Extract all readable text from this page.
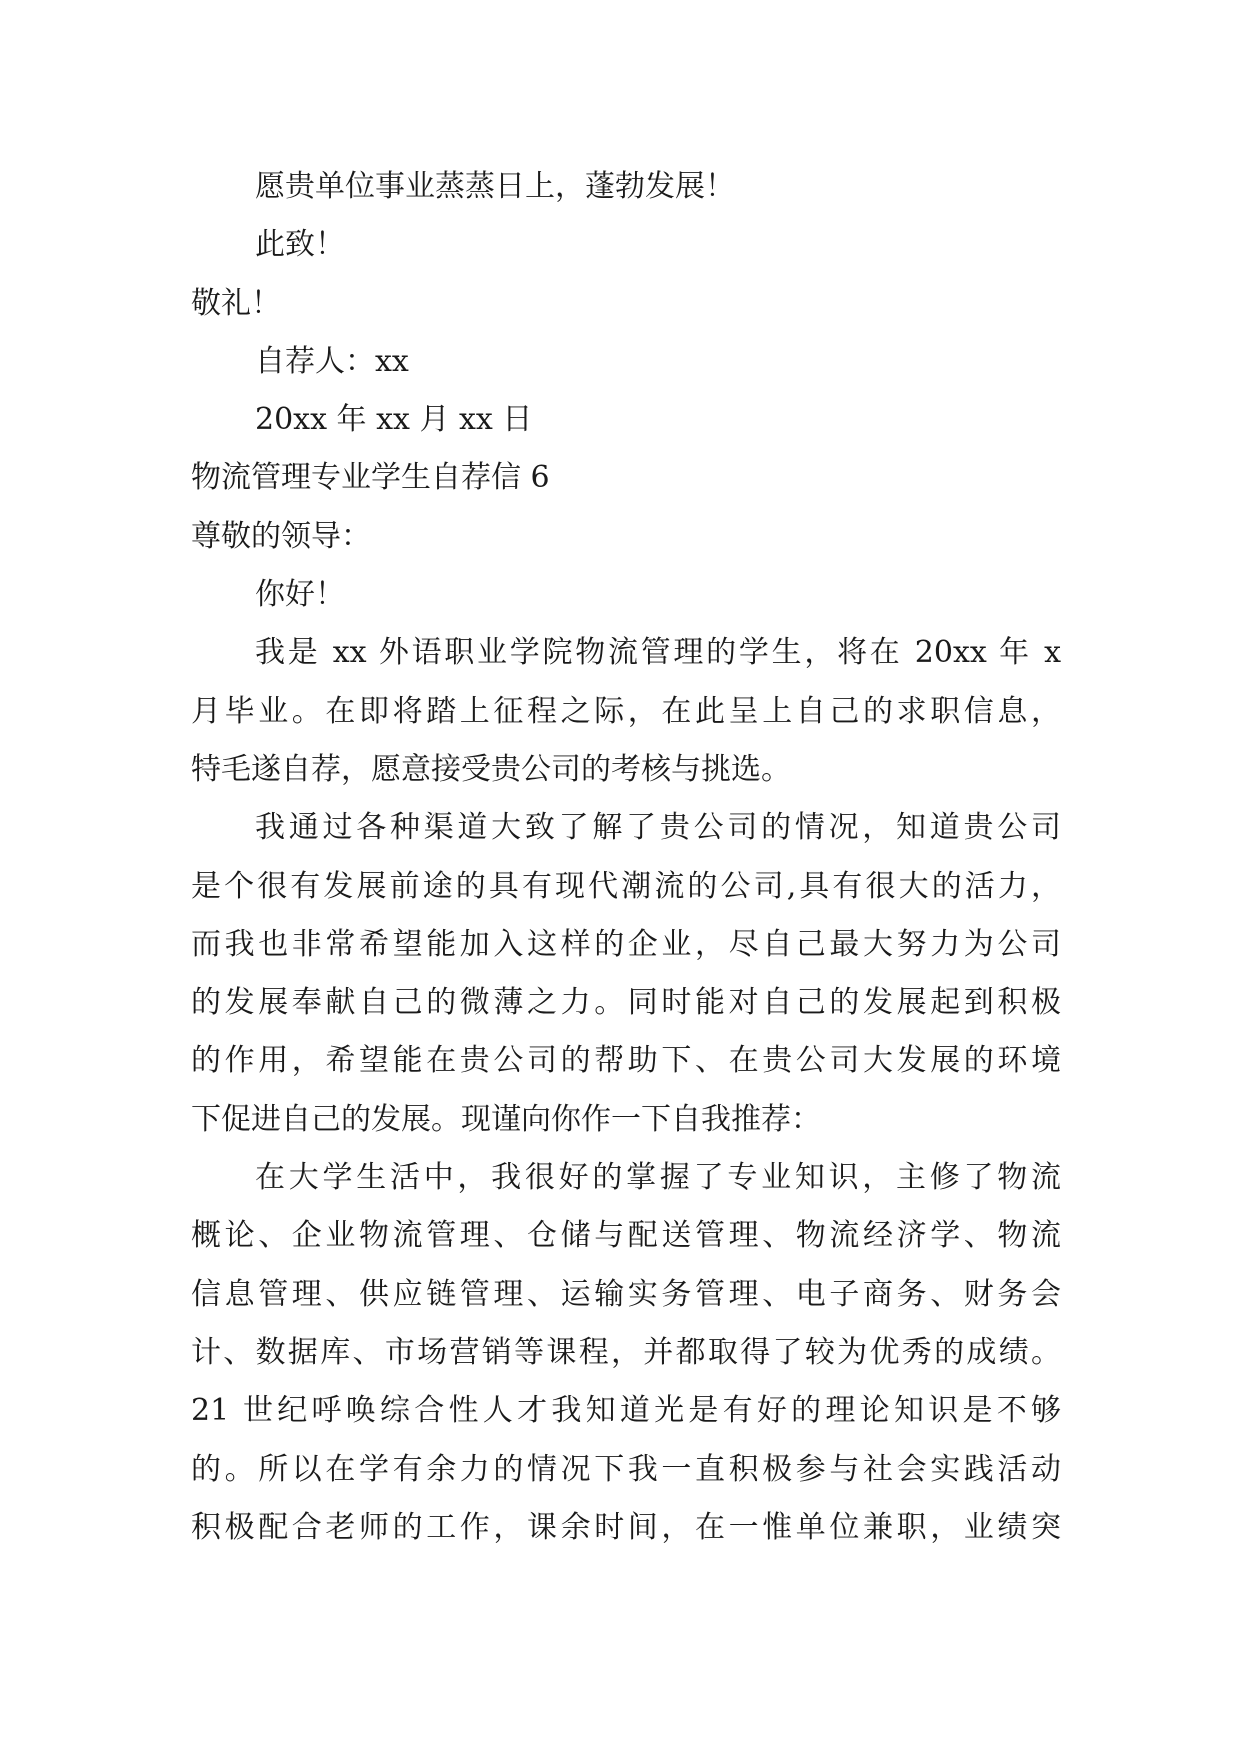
愿贵单位事业蒸蒸日上，蓬勃发展！
此致！
敬礼！
自荐人：xx
20xx 年 xx 月 xx 日
物流管理专业学生自荐信 6
尊敬的领导：
你好！
我是 xx 外语职业学院物流管理的学生，将在 20xx 年 x
月毕业。在即将踏上征程之际，在此呈上自己的求职信息，
特毛遂自荐，愿意接受贵公司的考核与挑选。
我通过各种渠道大致了解了贵公司的情况，知道贵公司
是个很有发展前途的具有现代潮流的公司,具有很大的活力，
而我也非常希望能加入这样的企业，尽自己最大努力为公司
的发展奉献自己的微薄之力。同时能对自己的发展起到积极
的作用，希望能在贵公司的帮助下、在贵公司大发展的环境
下促进自己的发展。现谨向你作一下自我推荐：
在大学生活中，我很好的掌握了专业知识，主修了物流
概论、企业物流管理、仓储与配送管理、物流经济学、物流
信息管理、供应链管理、运输实务管理、电子商务、财务会
计、数据库、市场营销等课程，并都取得了较为优秀的成绩。
21 世纪呼唤综合性人才我知道光是有好的理论知识是不够
的。所以在学有余力的情况下我一直积极参与社会实践活动
积极配合老师的工作，课余时间，在一惟单位兼职，业绩突
